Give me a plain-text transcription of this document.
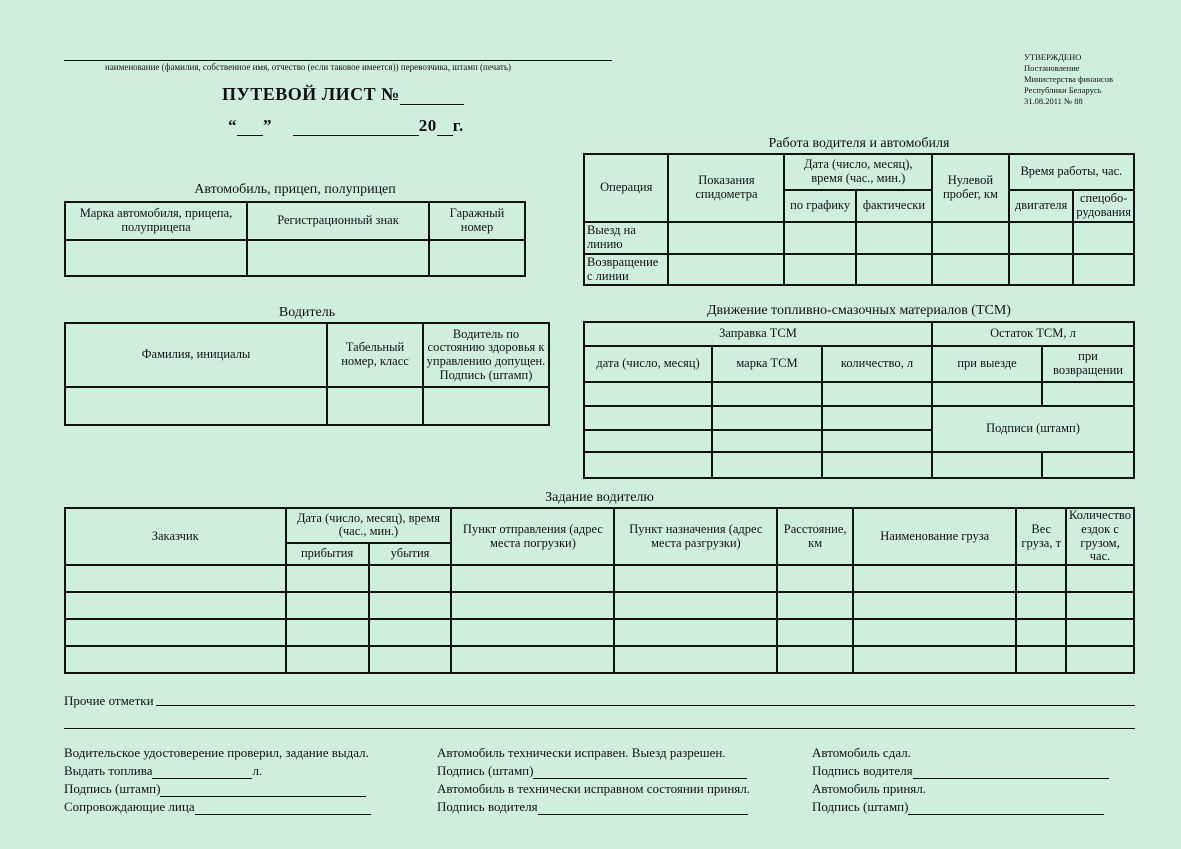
наименование (фамилия, собственное имя, отчество (если таковое имеется)) перевозчика, штамп (печать)
УТВЕРЖДЕНО
Постановление
Министерства финансов
Республики Беларусь
31.08.2011 № 88
ПУТЕВОЙ ЛИСТ №
“ ”	20 г.
Автомобиль, прицеп, полуприцеп
Марка автомобиля, прицепа, полуприцепа	Регистрационный знак	Гаражный номер

Водитель
Фамилия, инициалы	Табельный номер, класс	Водитель по состоянию здоровья к управлению допущен. Подпись (штамп)

Работа водителя и автомобиля
Операция	Показания спидометра	Дата (число, месяц), время (час., мин.)		Нулевой пробег, км	Время работы, час.	
		по графику	фактически		двигателя	спецобо-рудования
Выезд на линию						
Возвращение с линии						
Движение топливно-смазочных материалов (ТСМ)
Заправка ТСМ			Остаток ТСМ, л	
дата (число, месяц)	марка ТСМ	количество, л	при выезде	при возвращении

			Подписи (штамп)	

Задание водителю
Заказчик	Дата (число, месяц), время (час., мин.)		Пункт отправления (адрес места погрузки)	Пункт назначения (адрес места разгрузки)	Расстояние, км	Наименование груза	Вес груза, т	Количество ездок с грузом, час.
	прибытия	убытия						

Прочие отметки
Водительское удостоверение проверил, задание выдал.
Выдать топлива	л.
Подпись (штамп)
Сопровождающие лица
Автомобиль технически исправен. Выезд разрешен.
Подпись (штамп)
Автомобиль в технически исправном состоянии принял.
Подпись водителя
Автомобиль сдал.
Подпись водителя
Автомобиль принял.
Подпись (штамп)
